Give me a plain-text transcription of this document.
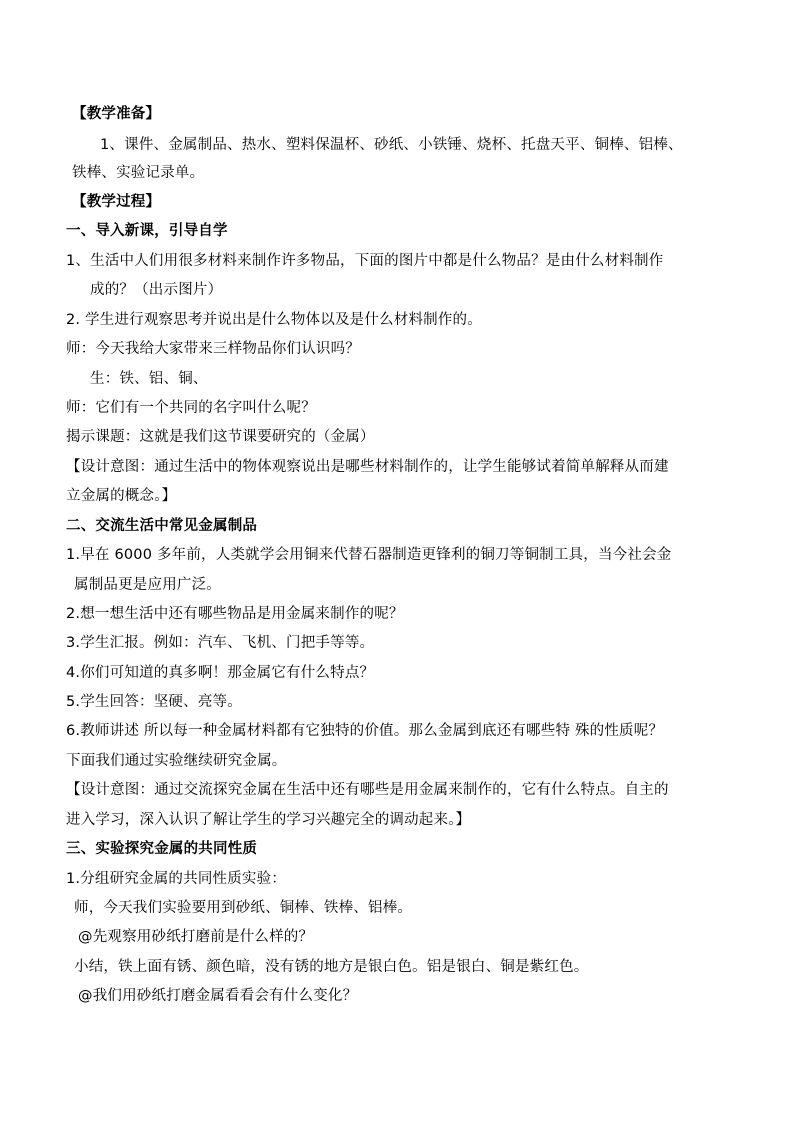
【教学准备】
1、课件、金属制品、热水、塑料保温杯、砂纸、小铁锤、烧杯、托盘天平、铜棒、铝棒、
铁棒、实验记录单。
【教学过程】
一、导入新课，引导自学
1、生活中人们用很多材料来制作许多物品，下面的图片中都是什么物品？是由什么材料制作
成的？（出示图片）
2. 学生进行观察思考并说出是什么物体以及是什么材料制作的。
师：今天我给大家带来三样物品你们认识吗？
生：铁、铝、铜、
师：它们有一个共同的名字叫什么呢？
揭示课题：这就是我们这节课要研究的（金属）
【设计意图：通过生活中的物体观察说出是哪些材料制作的，让学生能够试着简单解释从而建
立金属的概念。】
二、交流生活中常见金属制品
1.早在 6000 多年前，人类就学会用铜来代替石器制造更锋利的铜刀等铜制工具，当今社会金
属制品更是应用广泛。
2.想一想生活中还有哪些物品是用金属来制作的呢？
3.学生汇报。例如：汽车、飞机、门把手等等。
4.你们可知道的真多啊！那金属它有什么特点？
5.学生回答：坚硬、亮等。
6.教师讲述 所以每一种金属材料都有它独特的价值。那么金属到底还有哪些特 殊的性质呢？
下面我们通过实验继续研究金属。
【设计意图：通过交流探究金属在生活中还有哪些是用金属来制作的，它有什么特点。自主的
进入学习，深入认识了解让学生的学习兴趣完全的调动起来。】
三、实验探究金属的共同性质
1.分组研究金属的共同性质实验：
师，今天我们实验要用到砂纸、铜棒、铁棒、铝棒。
@先观察用砂纸打磨前是什么样的？
小结，铁上面有锈、颜色暗，没有锈的地方是银白色。铝是银白、铜是紫红色。
@我们用砂纸打磨金属看看会有什么变化？
